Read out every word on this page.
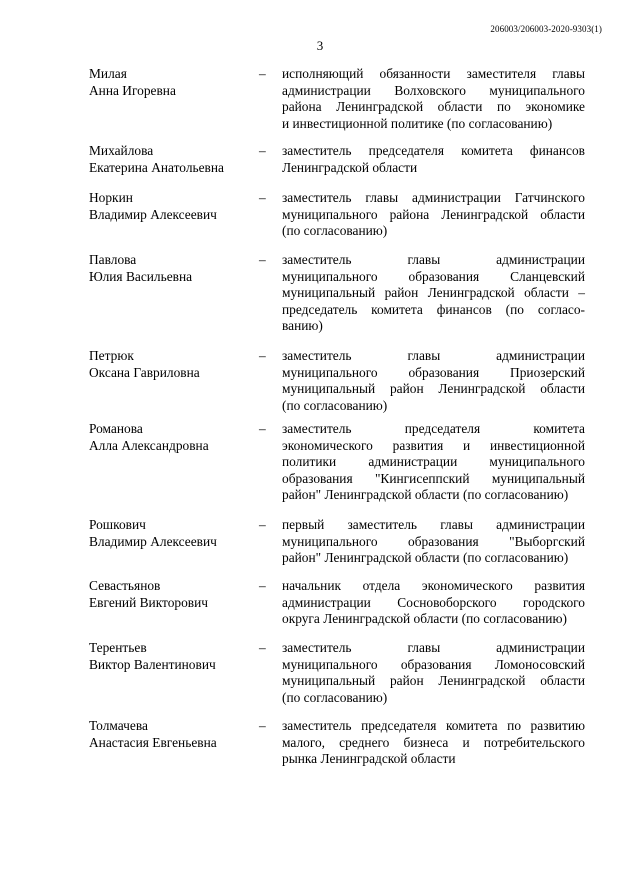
206003/206003-2020-9303(1)
3
Милая
Анна Игоревна
–	исполняющий обязанности заместителя главы
администрации Волховского муниципального
района Ленинградской области по экономике
и инвестиционной политике (по согласованию)
Михайлова
Екатерина Анатольевна
–	заместитель председателя комитета финансов
Ленинградской области
Норкин
Владимир Алексеевич
–	заместитель главы администрации Гатчинского
муниципального района Ленинградской области
(по согласованию)
Павлова
Юлия Васильевна
–	заместитель главы администрации
муниципального образования Сланцевский
муниципальный район Ленинградской области –
председатель комитета финансов (по согласо-
ванию)
Петрюк
Оксана Гавриловна
–	заместитель главы администрации
муниципального образования Приозерский
муниципальный район Ленинградской области
(по согласованию)
Романова
Алла Александровна
–	заместитель председателя комитета
экономического развития и инвестиционной
политики администрации муниципального
образования "Кингисеппский муниципальный
район" Ленинградской области (по согласованию)
Рошкович
Владимир Алексеевич
–	первый заместитель главы администрации
муниципального образования "Выборгский
район" Ленинградской области (по согласованию)
Севастьянов
Евгений Викторович
–	начальник отдела экономического развития
администрации Сосновоборского городского
округа Ленинградской области (по согласованию)
Терентьев
Виктор Валентинович
–	заместитель главы администрации
муниципального образования Ломоносовский
муниципальный район Ленинградской области
(по согласованию)
Толмачева
Анастасия Евгеньевна
–	заместитель председателя комитета по развитию
малого, среднего бизнеса и потребительского
рынка Ленинградской области
